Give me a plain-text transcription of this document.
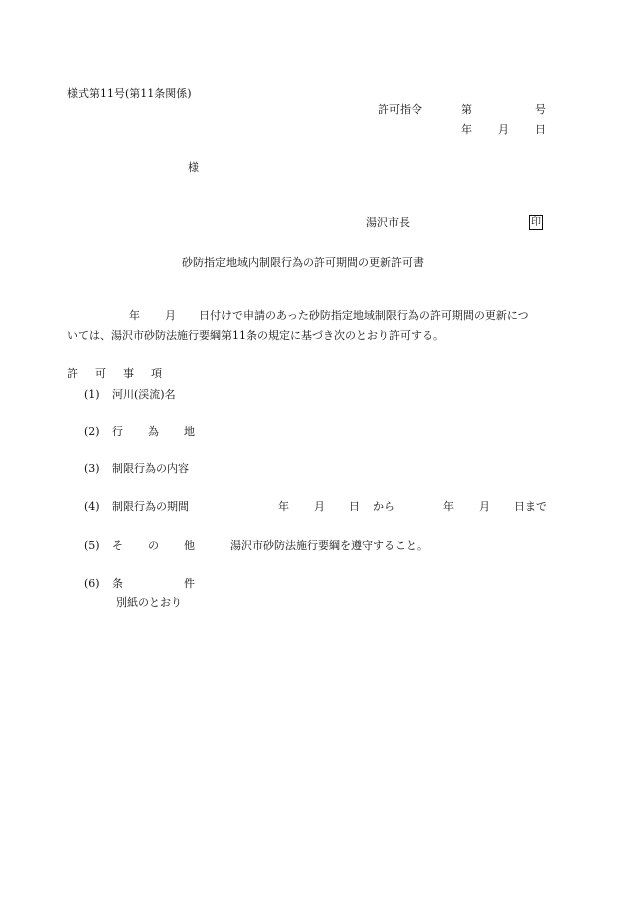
様式第11号(第11条関係)
許可指令	第	号
年 月 日
様
湯沢市長	印
砂防指定地域内制限行為の許可期間の更新許可書
年 月 日付けで申請のあった砂防指定地域制限行為の許可期間の更新につ
いては、湯沢市砂防法施行要綱第11条の規定に基づき次のとおり許可する。
許 可 事 項
(1) 河川(渓流)名
(2) 行 為 地
(3) 制限行為の内容
(4) 制限行為の期間	年 月 日 から	年 月 日まで
(5) そ の 他	湯沢市砂防法施行要綱を遵守すること。
(6) 条	件
別紙のとおり
